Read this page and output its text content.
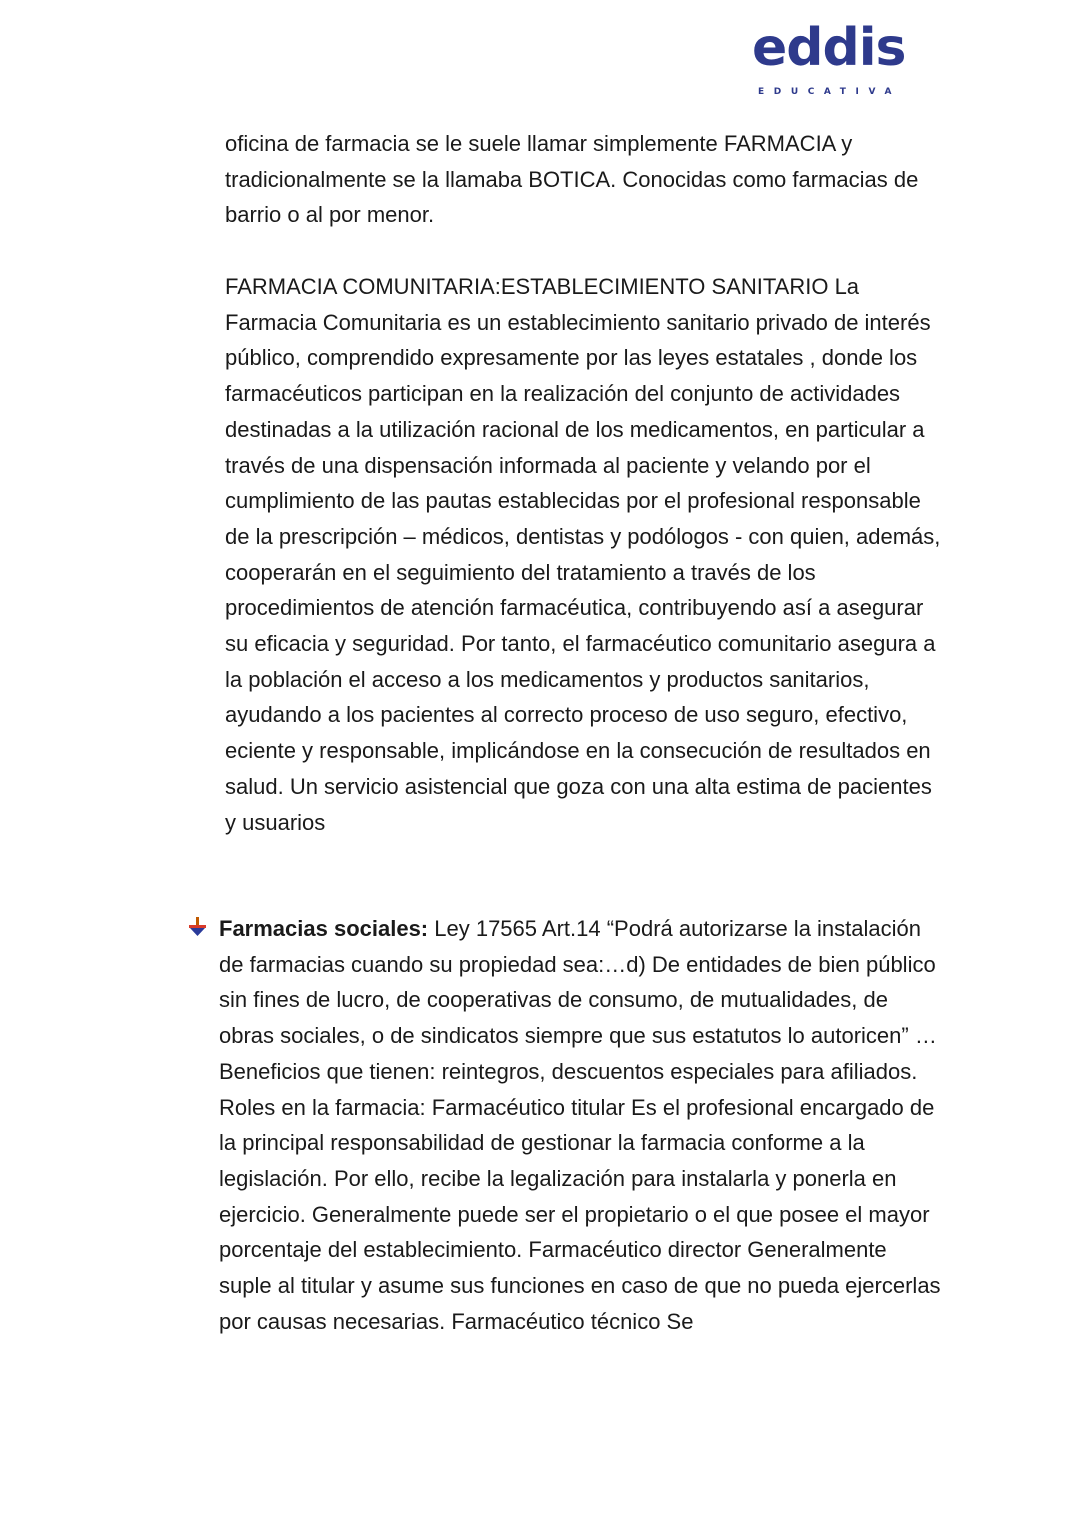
eddis
EDUCATIVA

oficina de farmacia se le suele llamar simplemente FARMACIA y tradicionalmente se la llamaba BOTICA. Conocidas como farmacias de barrio o al por menor.

FARMACIA COMUNITARIA:ESTABLECIMIENTO SANITARIO La Farmacia Comunitaria es un establecimiento sanitario privado de interés público, comprendido expresamente por las leyes estatales , donde los farmacéuticos participan en la realización del conjunto de actividades destinadas a la utilización racional de los medicamentos, en particular a través de una dispensación informada al paciente y velando por el cumplimiento de las pautas establecidas por el profesional responsable de la prescripción – médicos, dentistas y podólogos - con quien, además, cooperarán en el seguimiento del tratamiento a través de los procedimientos de atención farmacéutica, contribuyendo así a asegurar su eficacia y seguridad. Por tanto, el farmacéutico comunitario asegura a la población el acceso a los medicamentos y productos sanitarios, ayudando a los pacientes al correcto proceso de uso seguro, efectivo, eciente y responsable, implicándose en la consecución de resultados en salud. Un servicio asistencial que goza con una alta estima de pacientes y usuarios

Farmacias sociales: Ley 17565 Art.14 “Podrá autorizarse la instalación de farmacias cuando su propiedad sea:…d) De entidades de bien público sin fines de lucro, de cooperativas de consumo, de mutualidades, de obras sociales, o de sindicatos siempre que sus estatutos lo autoricen” … Beneficios que tienen: reintegros, descuentos especiales para afiliados. Roles en la farmacia: Farmacéutico titular Es el profesional encargado de la principal responsabilidad de gestionar la farmacia conforme a la legislación. Por ello, recibe la legalización para instalarla y ponerla en ejercicio. Generalmente puede ser el propietario o el que posee el mayor porcentaje del establecimiento. Farmacéutico director Generalmente suple al titular y asume sus funciones en caso de que no pueda ejercerlas por causas necesarias. Farmacéutico técnico Se
